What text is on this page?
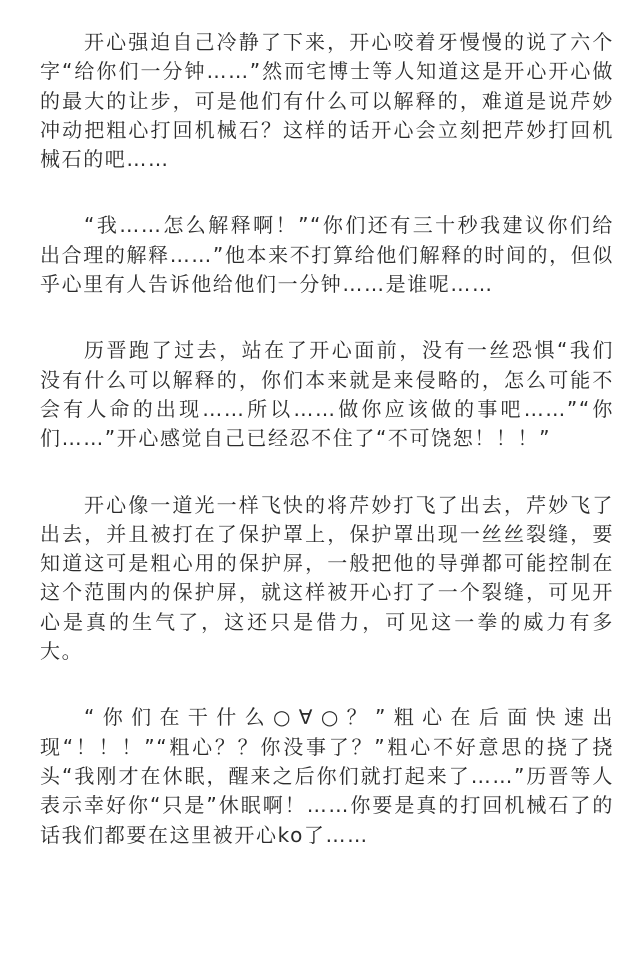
开心强迫自己冷静了下来，开心咬着牙慢慢的说了六个字“给你们一分钟……”然而宅博士等人知道这是开心开心做的最大的让步，可是他们有什么可以解释的，难道是说芹妙冲动把粗心打回机械石？这样的话开心会立刻把芹妙打回机械石的吧……

“我……怎么解释啊！”“你们还有三十秒我建议你们给出合理的解释……”他本来不打算给他们解释的时间的，但似乎心里有人告诉他给他们一分钟……是谁呢……

历晋跑了过去，站在了开心面前，没有一丝恐惧“我们没有什么可以解释的，你们本来就是来侵略的，怎么可能不会有人命的出现……所以……做你应该做的事吧……”“你们……”开心感觉自己已经忍不住了“不可饶恕！！！”

开心像一道光一样飞快的将芹妙打飞了出去，芹妙飞了出去，并且被打在了保护罩上，保护罩出现一丝丝裂缝，要知道这可是粗心用的保护屏，一般把他的导弹都可能控制在这个范围内的保护屏，就这样被开心打了一个裂缝，可见开心是真的生气了，这还只是借力，可见这一拳的威力有多大。

“你们在干什么○∀○？”粗心在后面快速出现“！！！”“粗心？？你没事了？”粗心不好意思的挠了挠头“我刚才在休眠，醒来之后你们就打起来了……”历晋等人表示幸好你“只是”休眠啊！……你要是真的打回机械石了的话我们都要在这里被开心ko了……
